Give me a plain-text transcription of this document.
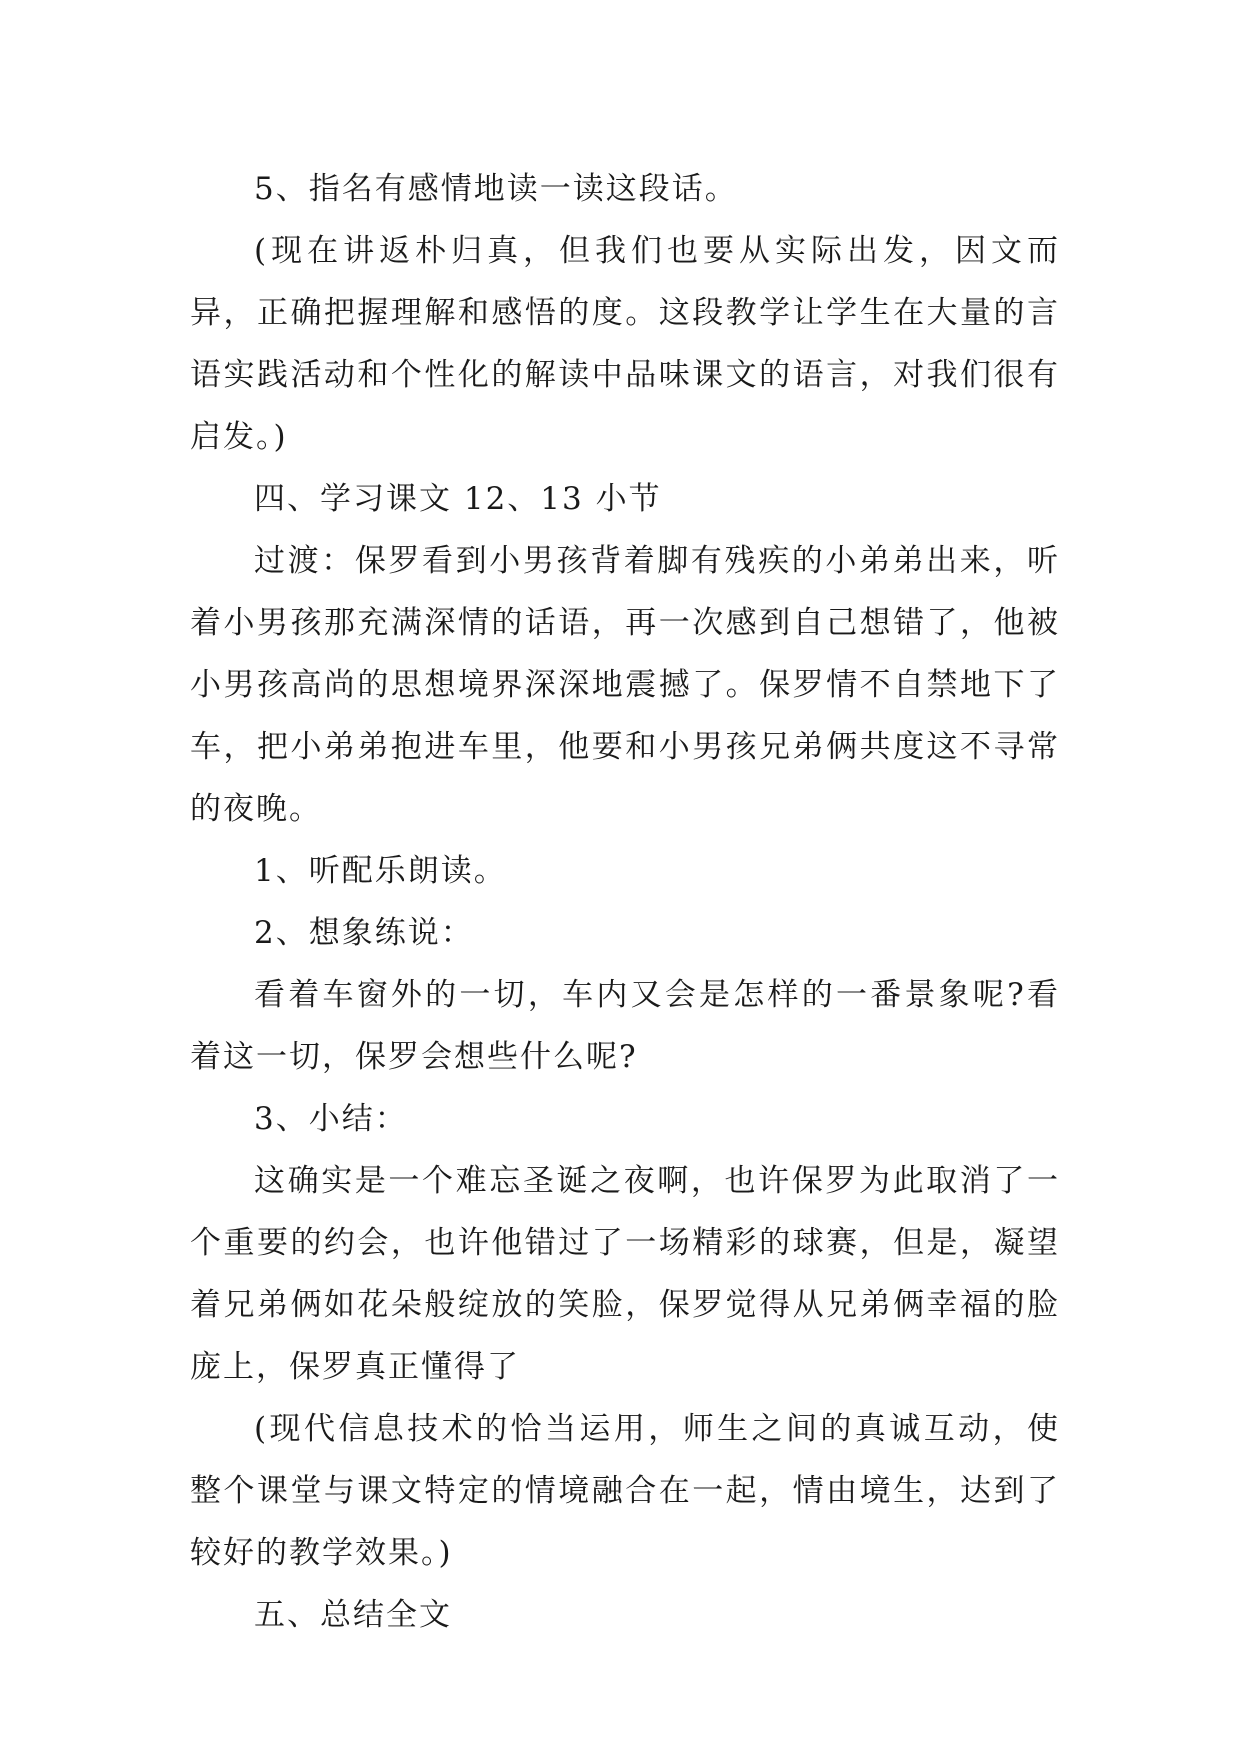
5、指名有感情地读一读这段话。

(现在讲返朴归真，但我们也要从实际出发，因文而异，正确把握理解和感悟的度。这段教学让学生在大量的言语实践活动和个性化的解读中品味课文的语言，对我们很有启发。)

四、学习课文 12、13 小节

过渡：保罗看到小男孩背着脚有残疾的小弟弟出来，听着小男孩那充满深情的话语，再一次感到自己想错了，他被小男孩高尚的思想境界深深地震撼了。保罗情不自禁地下了车，把小弟弟抱进车里，他要和小男孩兄弟俩共度这不寻常的夜晚。

1、听配乐朗读。

2、想象练说：

看着车窗外的一切，车内又会是怎样的一番景象呢?看着这一切，保罗会想些什么呢?

3、小结：

这确实是一个难忘圣诞之夜啊，也许保罗为此取消了一个重要的约会，也许他错过了一场精彩的球赛，但是，凝望着兄弟俩如花朵般绽放的笑脸，保罗觉得从兄弟俩幸福的脸庞上，保罗真正懂得了

(现代信息技术的恰当运用，师生之间的真诚互动，使整个课堂与课文特定的情境融合在一起，情由境生，达到了较好的教学效果。)

五、总结全文
